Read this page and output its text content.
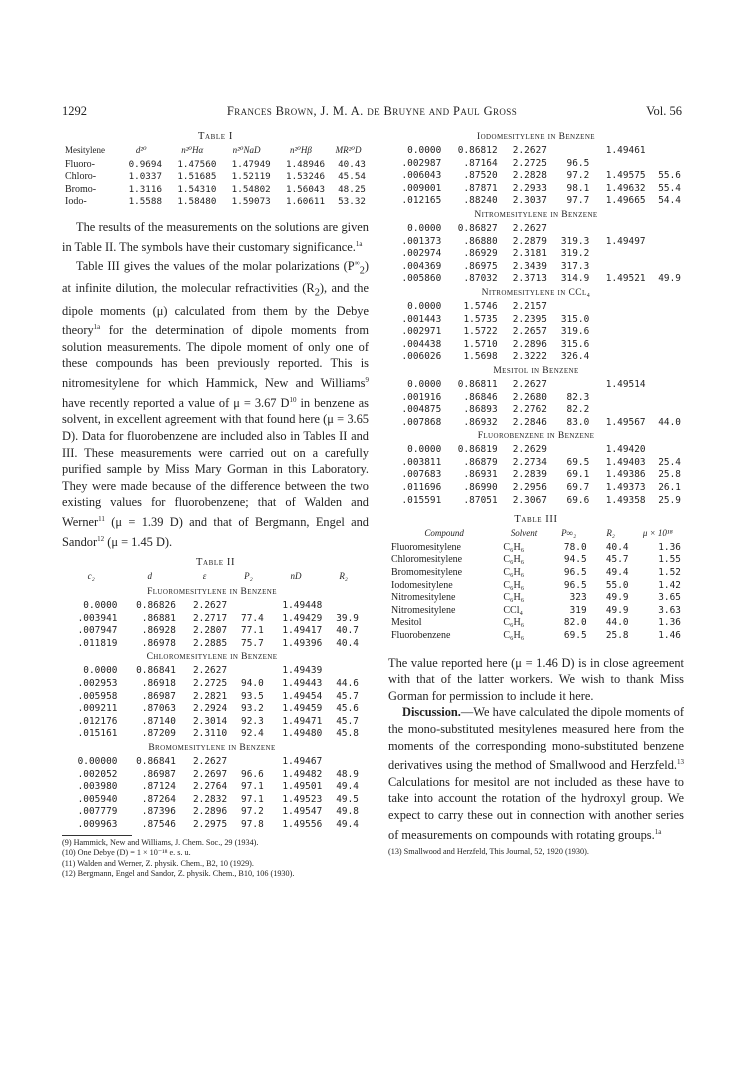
1292	Frances Brown, J. M. A. de Bruyne and Paul Gross	Vol. 56

Table I

Mesitylene	d²⁰	n²⁰Hα	n²⁰NaD	n²⁰Hβ	MR²⁰D
Fluoro-	0.9694	1.47560	1.47949	1.48946	40.43
Chloro-	1.0337	1.51685	1.52119	1.53246	45.54
Bromo-	1.3116	1.54310	1.54802	1.56043	48.25
Iodo-	1.5588	1.58480	1.59073	1.60611	53.32

The results of the measurements on the solutions are given in Table II. The symbols have their customary significance.$^{1a}$

Table III gives the values of the molar polarizations $(P^\infty_2)$ at infinite dilution, the molecular refractivities $(R_2)$, and the dipole moments (μ) calculated from them by the Debye theory$^{1a}$ for the determination of dipole moments from solution measurements. The dipole moment of only one of these compounds has been previously reported. This is nitromesitylene for which Hammick, New and Williams$^9$ have recently reported a value of μ = 3.67 $D^{10}$ in benzene as solvent, in excellent agreement with that found here (μ = 3.65 D). Data for fluorobenzene are included also in Tables II and III. These measurements were carried out on a carefully purified sample by Miss Mary Gorman in this Laboratory. They were made because of the difference between the two existing values for fluorobenzene; that of Walden and Werner$^{11}$ (μ = 1.39 D) and that of Bergmann, Engel and Sandor$^{12}$ (μ = 1.45 D).

Table II

c₂	d	ε	P₂	nD	R₂
Fluoromesitylene in Benzene					
0.0000	0.86826	2.2627		1.49448	
.003941	.86881	2.2717	77.4	1.49429	39.9
.007947	.86928	2.2807	77.1	1.49417	40.7
.011819	.86978	2.2885	75.7	1.49396	40.4
Chloromesitylene in Benzene					
0.0000	0.86841	2.2627		1.49439	
.002953	.86918	2.2725	94.0	1.49443	44.6
.005958	.86987	2.2821	93.5	1.49454	45.7
.009211	.87063	2.2924	93.2	1.49459	45.6
.012176	.87140	2.3014	92.3	1.49471	45.7
.015161	.87209	2.3110	92.4	1.49480	45.8
Bromomesitylene in Benzene					
0.00000	0.86841	2.2627		1.49467	
.002052	.86987	2.2697	96.6	1.49482	48.9
.003980	.87124	2.2764	97.1	1.49501	49.4
.005940	.87264	2.2832	97.1	1.49523	49.5
.007779	.87396	2.2896	97.2	1.49547	49.8
.009963	.87546	2.2975	97.8	1.49556	49.4

(9) Hammick, New and Williams, J. Chem. Soc., 29 (1934).

(10) One Debye (D) = 1 × 10⁻¹⁸ e. s. u.

(11) Walden and Werner, Z. physik. Chem., B2, 10 (1929).

(12) Bergmann, Engel and Sandor, Z. physik. Chem., B10, 106 (1930).

Iodomesitylene in Benzene					
0.0000	0.86812	2.2627		1.49461	
.002987	.87164	2.2725	96.5		
.006043	.87520	2.2828	97.2	1.49575	55.6
.009001	.87871	2.2933	98.1	1.49632	55.4
.012165	.88240	2.3037	97.7	1.49665	54.4
Nitromesitylene in Benzene					
0.0000	0.86827	2.2627			
.001373	.86880	2.2879	319.3	1.49497	
.002974	.86929	2.3181	319.2		
.004369	.86975	2.3439	317.3		
.005860	.87032	2.3713	314.9	1.49521	49.9
Nitromesitylene in CCl₄					
0.0000	1.5746	2.2157			
.001443	1.5735	2.2395	315.0		
.002971	1.5722	2.2657	319.6		
.004438	1.5710	2.2896	315.6		
.006026	1.5698	2.3222	326.4		
Mesitol in Benzene					
0.0000	0.86811	2.2627		1.49514	
.001916	.86846	2.2680	82.3		
.004875	.86893	2.2762	82.2		
.007868	.86932	2.2846	83.0	1.49567	44.0
Fluorobenzene in Benzene					
0.0000	0.86819	2.2629		1.49420	
.003811	.86879	2.2734	69.5	1.49403	25.4
.007683	.86931	2.2839	69.1	1.49386	25.8
.011696	.86990	2.2956	69.7	1.49373	26.1
.015591	.87051	2.3067	69.6	1.49358	25.9

Table III

Compound	Solvent	P∞₂	R₂	μ × 10¹⁸
Fluoromesitylene	C₆H₆	78.0	40.4	1.36
Chloromesitylene	C₆H₆	94.5	45.7	1.55
Bromomesitylene	C₆H₆	96.5	49.4	1.52
Iodomesitylene	C₆H₆	96.5	55.0	1.42
Nitromesitylene	C₆H₆	323	49.9	3.65
Nitromesitylene	CCl₄	319	49.9	3.63
Mesitol	C₆H₆	82.0	44.0	1.36
Fluorobenzene	C₆H₆	69.5	25.8	1.46

The value reported here (μ = 1.46 D) is in close agreement with that of the latter workers. We wish to thank Miss Gorman for permission to include it here.

Discussion.—We have calculated the dipole moments of the mono-substituted mesitylenes measured here from the moments of the corresponding mono-substituted benzene derivatives using the method of Smallwood and Herzfeld.$^{13}$ Calculations for mesitol are not included as these have to take into account the rotation of the hydroxyl group. We expect to carry these out in connection with another series of measurements on compounds with rotating groups.$^{1a}$

(13) Smallwood and Herzfeld, This Journal, 52, 1920 (1930).
